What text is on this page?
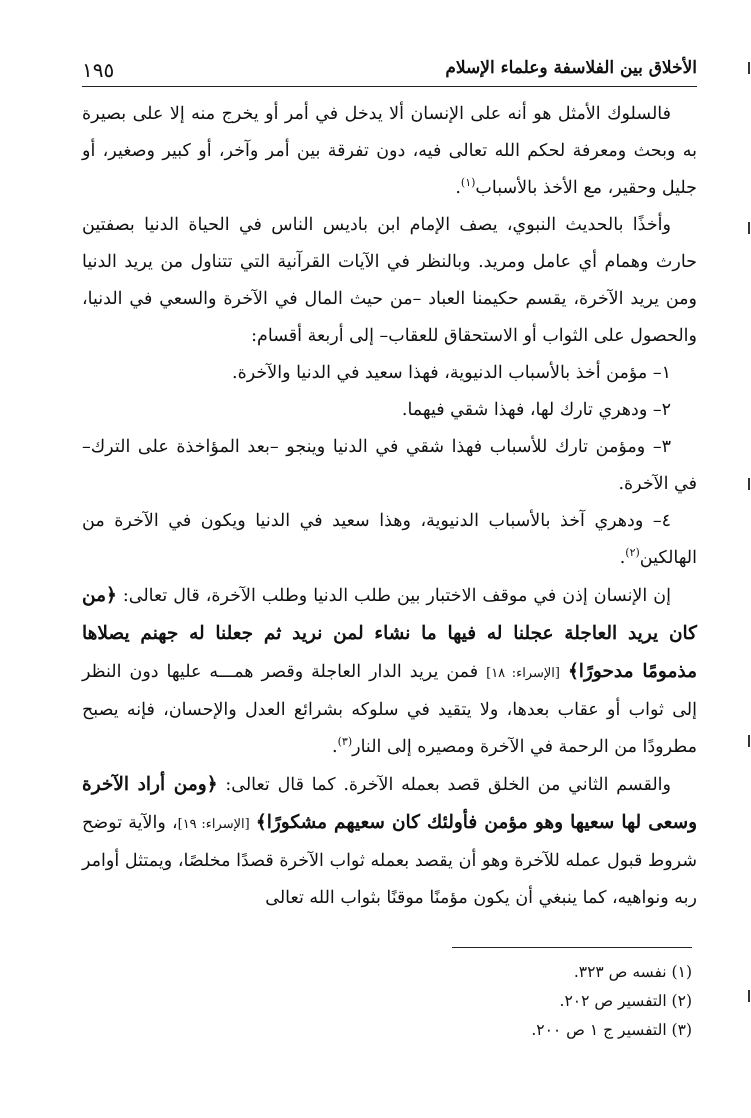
الأخلاق بين الفلاسفة وعلماء الإسلام
١٩٥

فالسلوك الأمثل هو أنه على الإنسان ألا يدخل في أمر أو يخرج منه إلا على بصيرة به وبحث ومعرفة لحكم الله تعالى فيه، دون تفرقة بين أمر وآخر، أو كبير وصغير، أو جليل وحقير، مع الأخذ بالأسباب$^{(١)}$.

وأخذًا بالحديث النبوي، يصف الإمام ابن باديس الناس في الحياة الدنيا بصفتين حارث وهمام أي عامل ومريد. وبالنظر في الآيات القرآنية التي تتناول من يريد الدنيا ومن يريد الآخرة، يقسم حكيمنا العباد –من حيث المال في الآخرة والسعي في الدنيا، والحصول على الثواب أو الاستحقاق للعقاب– إلى أربعة أقسام:

١– مؤمن أخذ بالأسباب الدنيوية، فهذا سعيد في الدنيا والآخرة.

٢– ودهري تارك لها، فهذا شقي فيهما.

٣– ومؤمن تارك للأسباب فهذا شقي في الدنيا وينجو –بعد المؤاخذة على الترك– في الآخرة.

٤– ودهري آخذ بالأسباب الدنيوية، وهذا سعيد في الدنيا ويكون في الآخرة من الهالكين$^{(٢)}$.

إن الإنسان إذن في موقف الاختبار بين طلب الدنيا وطلب الآخرة، قال تعالى: ﴿من كان يريد العاجلة عجلنا له فيها ما نشاء لمن نريد ثم جعلنا له جهنم يصلاها مذمومًا مدحورًا﴾ [الإسراء: ١٨] فمن يريد الدار العاجلة وقصر همـــه عليها دون النظر إلى ثواب أو عقاب بعدها، ولا يتقيد في سلوكه بشرائع العدل والإحسان، فإنه يصبح مطرودًا من الرحمة في الآخرة ومصيره إلى النار$^{(٣)}$.

والقسم الثاني من الخلق قصد بعمله الآخرة. كما قال تعالى: ﴿ومن أراد الآخرة وسعى لها سعيها وهو مؤمن فأولئك كان سعيهم مشكورًا﴾ [الإسراء: ١٩]، والآية توضح شروط قبول عمله للآخرة وهو أن يقصد بعمله ثواب الآخرة قصدًا مخلصًا، ويمتثل أوامر ربه ونواهيه، كما ينبغي أن يكون مؤمنًا موقنًا بثواب الله تعالى

(١) نفسه ص ٣٢٣.
(٢) التفسير ص ٢٠٢.
(٣) التفسير ج ١ ص ٢٠٠.
